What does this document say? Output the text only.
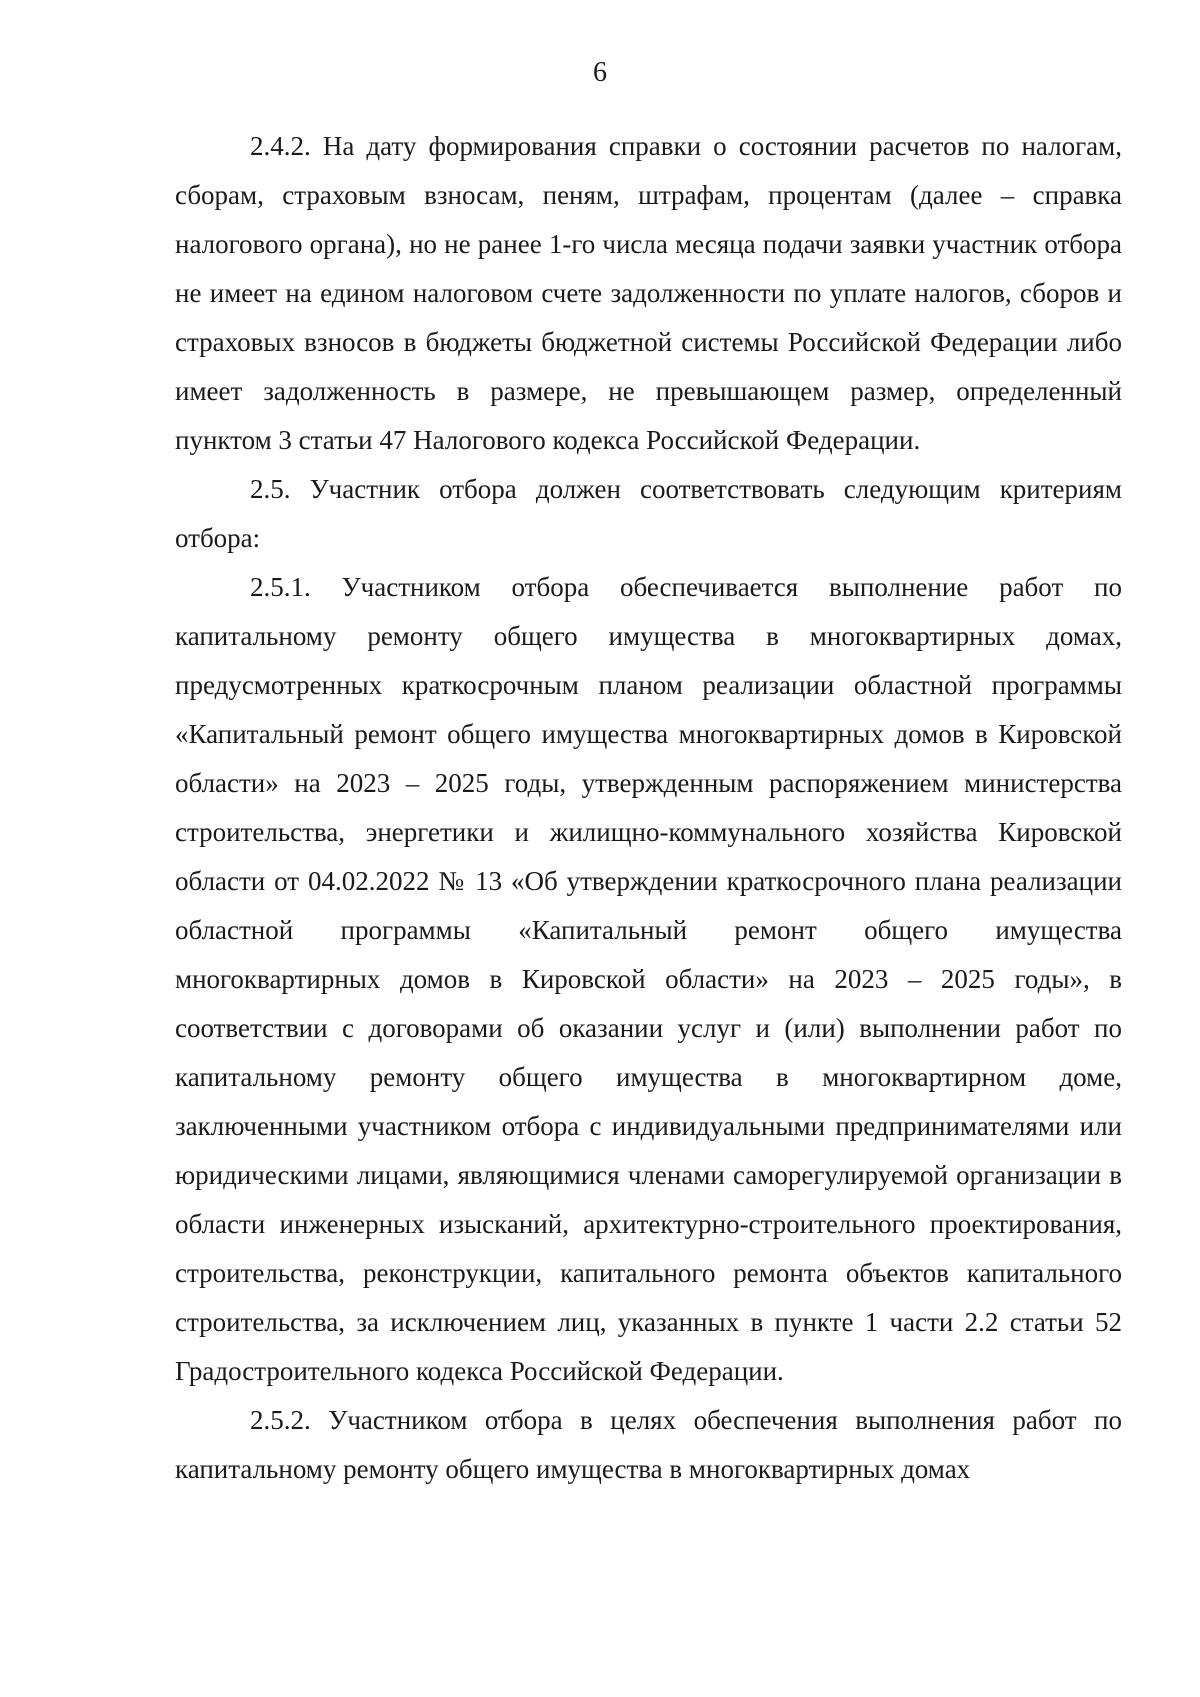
6

2.4.2. На дату формирования справки о состоянии расчетов по налогам, сборам, страховым взносам, пеням, штрафам, процентам (далее – справка налогового органа), но не ранее 1-го числа месяца подачи заявки участник отбора не имеет на едином налоговом счете задолженности по уплате налогов, сборов и страховых взносов в бюджеты бюджетной системы Российской Федерации либо имеет задолженность в размере, не превышающем размер, определенный пунктом 3 статьи 47 Налогового кодекса Российской Федерации.

2.5. Участник отбора должен соответствовать следующим критериям отбора:

2.5.1. Участником отбора обеспечивается выполнение работ по капитальному ремонту общего имущества в многоквартирных домах, предусмотренных краткосрочным планом реализации областной программы «Капитальный ремонт общего имущества многоквартирных домов в Кировской области» на 2023 – 2025 годы, утвержденным распоряжением министерства строительства, энергетики и жилищно-коммунального хозяйства Кировской области от 04.02.2022 № 13 «Об утверждении краткосрочного плана реализации областной программы «Капитальный ремонт общего имущества многоквартирных домов в Кировской области» на 2023 – 2025 годы», в соответствии с договорами об оказании услуг и (или) выполнении работ по капитальному ремонту общего имущества в многоквартирном доме, заключенными участником отбора с индивидуальными предпринимателями или юридическими лицами, являющимися членами саморегулируемой организации в области инженерных изысканий, архитектурно-строительного проектирования, строительства, реконструкции, капитального ремонта объектов капитального строительства, за исключением лиц, указанных в пункте 1 части 2.2 статьи 52 Градостроительного кодекса Российской Федерации.

2.5.2. Участником отбора в целях обеспечения выполнения работ по капитальному ремонту общего имущества в многоквартирных домах
